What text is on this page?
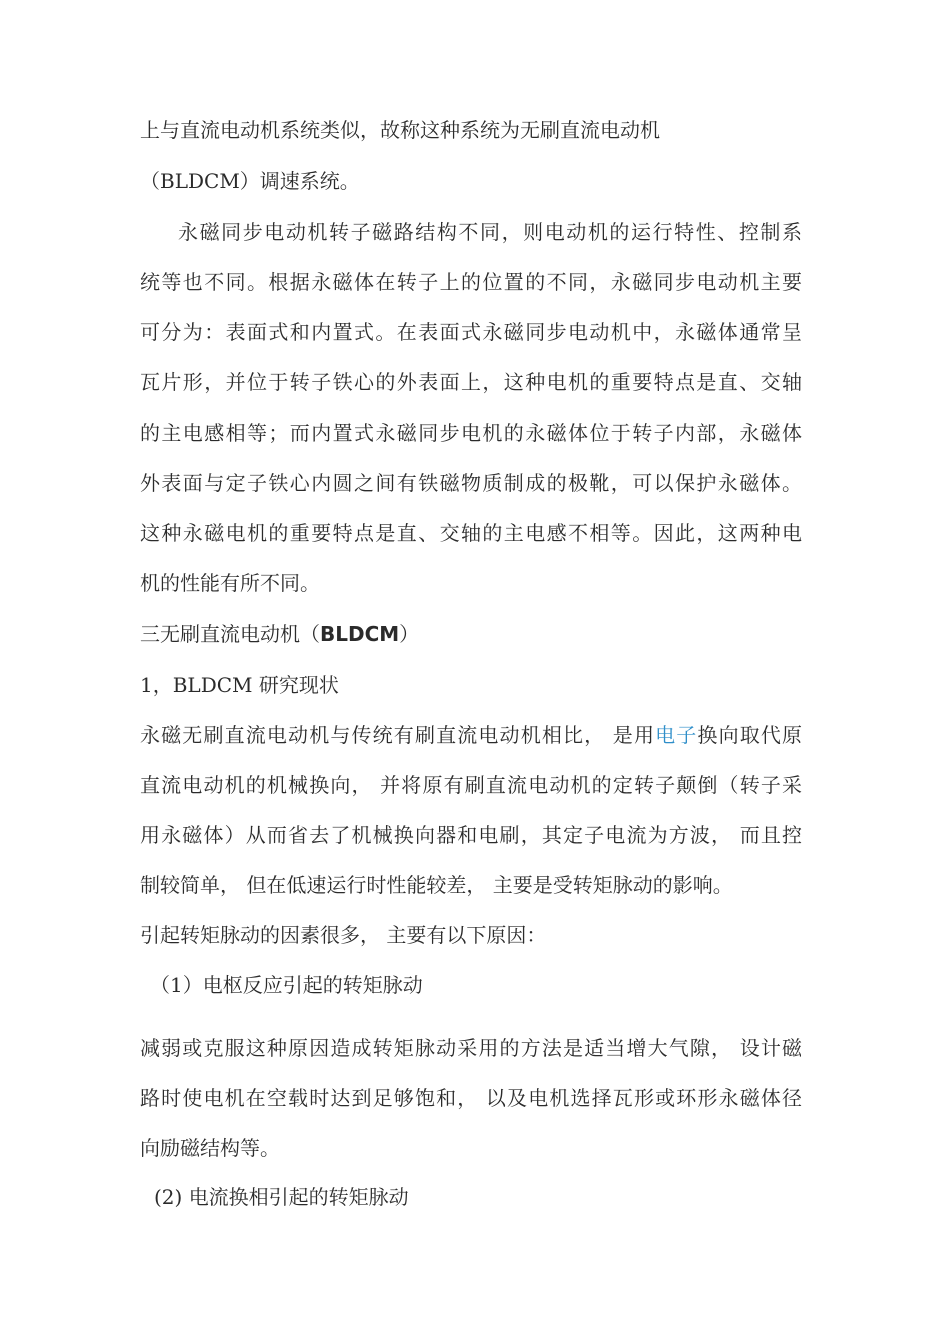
上与直流电动机系统类似，故称这种系统为无刷直流电动机

（BLDCM）调速系统。

永磁同步电动机转子磁路结构不同，则电动机的运行特性、控制系

统等也不同。根据永磁体在转子上的位置的不同，永磁同步电动机主要

可分为：表面式和内置式。在表面式永磁同步电动机中，永磁体通常呈

瓦片形，并位于转子铁心的外表面上，这种电机的重要特点是直、交轴

的主电感相等；而内置式永磁同步电机的永磁体位于转子内部，永磁体

外表面与定子铁心内圆之间有铁磁物质制成的极靴，可以保护永磁体。

这种永磁电机的重要特点是直、交轴的主电感不相等。因此，这两种电

机的性能有所不同。

三无刷直流电动机（BLDCM）

1，BLDCM 研究现状

永磁无刷直流电动机与传统有刷直流电动机相比， 是用电子换向取代原

直流电动机的机械换向， 并将原有刷直流电动机的定转子颠倒（转子采

用永磁体）从而省去了机械换向器和电刷，其定子电流为方波， 而且控

制较简单， 但在低速运行时性能较差， 主要是受转矩脉动的影响。

引起转矩脉动的因素很多， 主要有以下原因：

（1）电枢反应引起的转矩脉动

减弱或克服这种原因造成转矩脉动采用的方法是适当增大气隙， 设计磁

路时使电机在空载时达到足够饱和， 以及电机选择瓦形或环形永磁体径

向励磁结构等。

(2) 电流换相引起的转矩脉动
